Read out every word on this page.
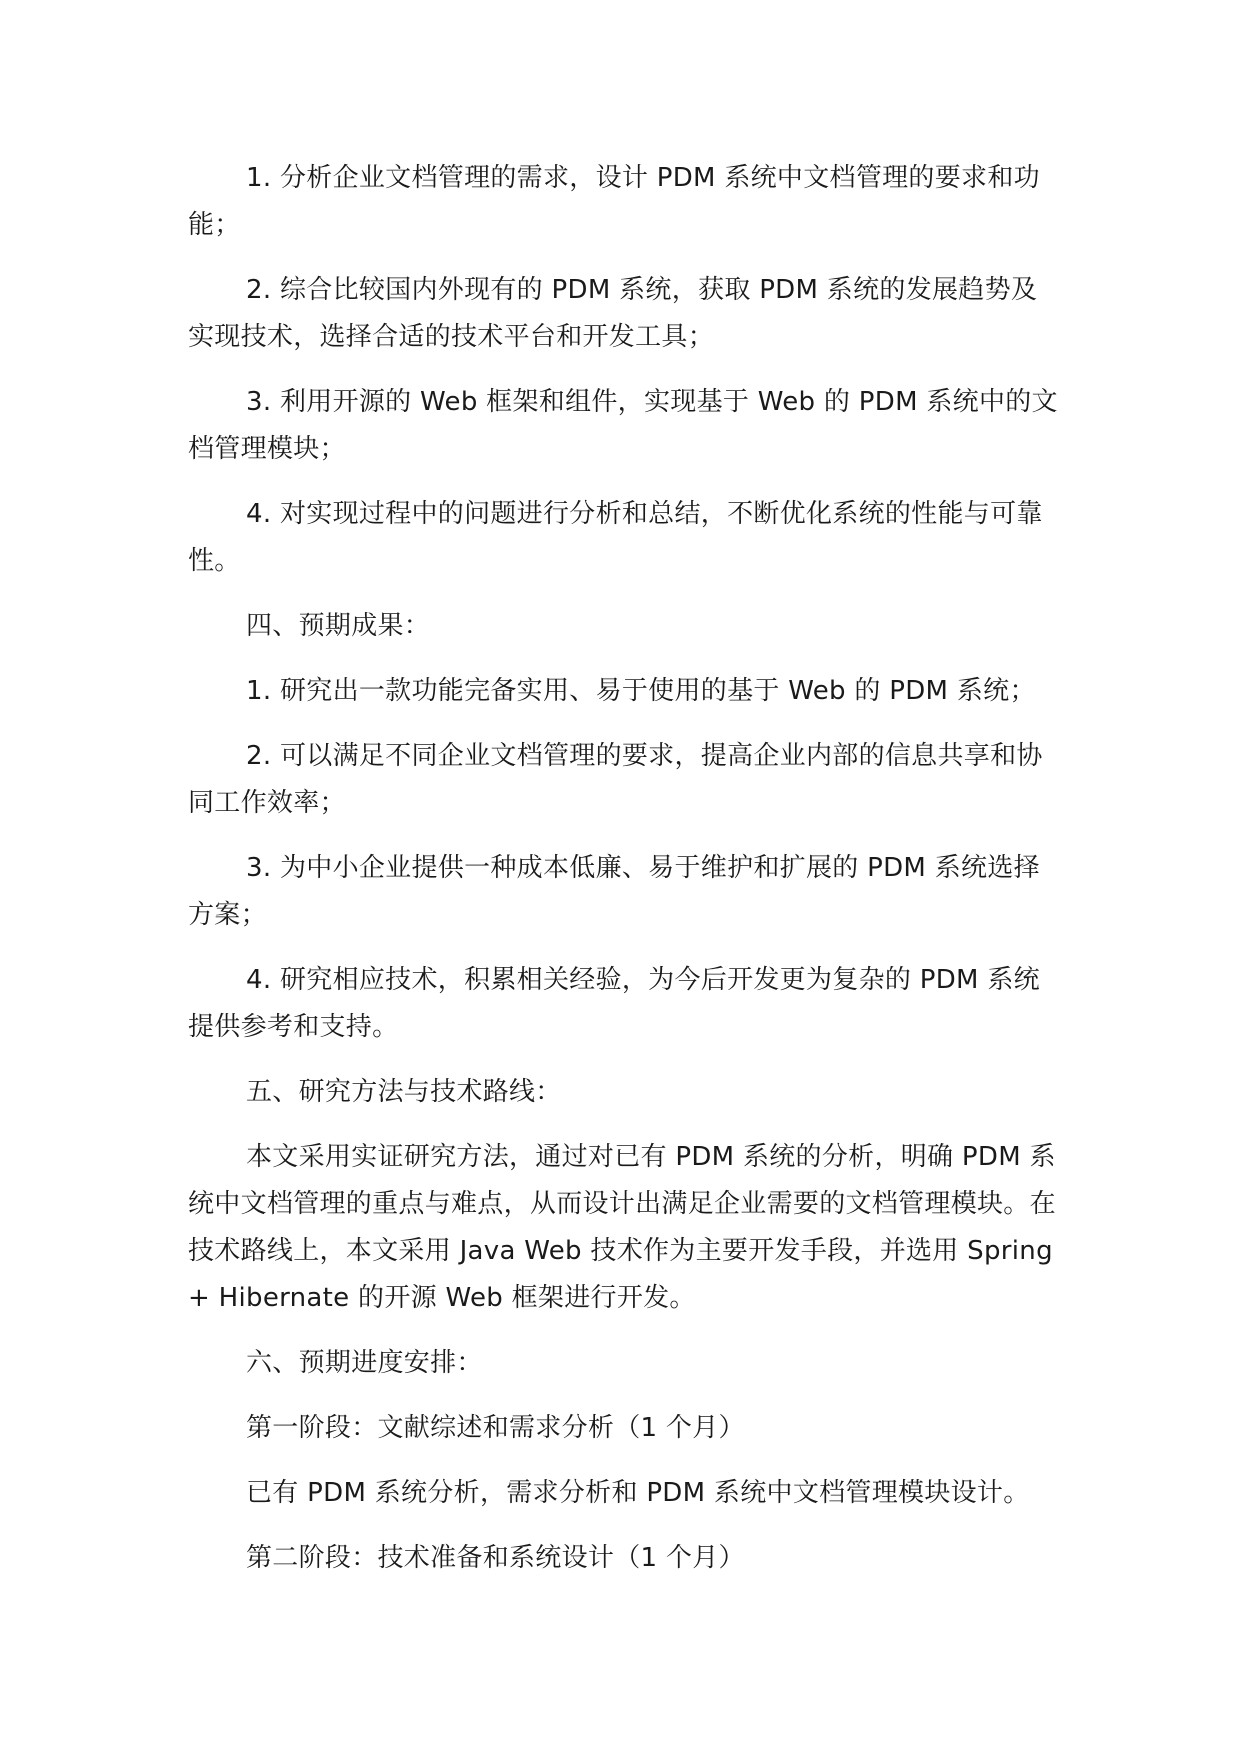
1. 分析企业文档管理的需求，设计 PDM 系统中文档管理的要求和功能；

2. 综合比较国内外现有的 PDM 系统，获取 PDM 系统的发展趋势及实现技术，选择合适的技术平台和开发工具；

3. 利用开源的 Web 框架和组件，实现基于 Web 的 PDM 系统中的文档管理模块；

4. 对实现过程中的问题进行分析和总结，不断优化系统的性能与可靠性。

四、预期成果：

1. 研究出一款功能完备实用、易于使用的基于 Web 的 PDM 系统；

2. 可以满足不同企业文档管理的要求，提高企业内部的信息共享和协同工作效率；

3. 为中小企业提供一种成本低廉、易于维护和扩展的 PDM 系统选择方案；

4. 研究相应技术，积累相关经验，为今后开发更为复杂的 PDM 系统提供参考和支持。

五、研究方法与技术路线：

本文采用实证研究方法，通过对已有 PDM 系统的分析，明确 PDM 系统中文档管理的重点与难点，从而设计出满足企业需要的文档管理模块。在技术路线上，本文采用 Java Web 技术作为主要开发手段，并选用 Spring + Hibernate 的开源 Web 框架进行开发。

六、预期进度安排：

第一阶段：文献综述和需求分析（1 个月）

已有 PDM 系统分析，需求分析和 PDM 系统中文档管理模块设计。

第二阶段：技术准备和系统设计（1 个月）
